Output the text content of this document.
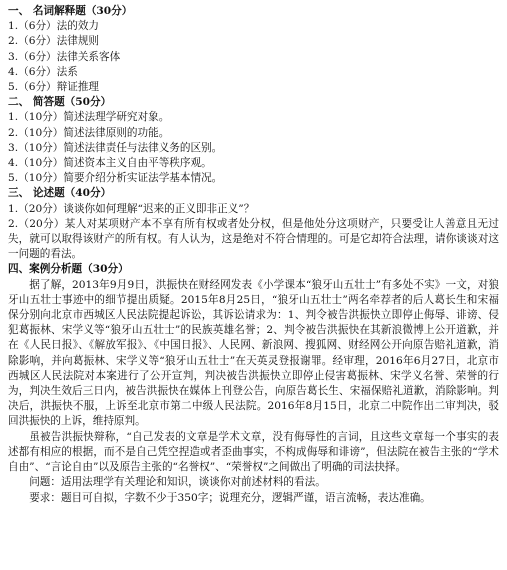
一、 名词解释题（30分）
1.（6分）法的效力
2.（6分）法律规则
3.（6分）法律关系客体
4.（6分）法系
5.（6分）辩证推理
二、 简答题（50分）
1.（10分）简述法理学研究对象。
2.（10分）简述法律原则的功能。
3.（10分）简述法律责任与法律义务的区别。
4.（10分）简述资本主义自由平等秩序观。
5.（10分）简要介绍分析实证法学基本情况。
三、 论述题（40分）
1.（20分）谈谈你如何理解“迟来的正义即非正义”？

2.（20分）某人对某项财产本不享有所有权或者处分权，但是他处分这项财产，只要受让人善意且无过失，就可以取得该财产的所有权。有人认为，这是绝对不符合情理的。可是它却符合法理，请你谈谈对这一问题的看法。

四、案例分析题（30分）

据了解，2013年9月9日，洪振快在财经网发表《小学课本“狼牙山五壮士”有多处不实》一文，对狼牙山五壮士事迹中的细节提出质疑。2015年8月25日，“狼牙山五壮士”两名牵荐者的后人葛长生和宋福保分别向北京市西城区人民法院提起诉讼，其诉讼请求为：1、判令被告洪振快立即停止侮辱、诽谤、侵犯葛振林、宋学义等“狼牙山五壮士”的民族英雄名誉；2、判令被告洪振快在其新浪微博上公开道歉，并在《人民日报》、《解放军报》、《中国日报》、人民网、新浪网、搜狐网、财经网公开向原告赔礼道歉，消除影响，并向葛振林、宋学义等“狼牙山五壮士”在天英灵登报谢罪。经审理，2016年6月27日，北京市西城区人民法院对本案进行了公开宣判，判决被告洪振快立即停止侵害葛振林、宋学义名誉、荣誉的行为，判决生效后三日内，被告洪振快在媒体上刊登公告，向原告葛长生、宋福保赔礼道歉，消除影响。判决后，洪振快不服，上诉至北京市第二中级人民法院。2016年8月15日，北京二中院作出二审判决，驳回洪振快的上诉，维持原判。

虽被告洪振快辩称，“自己发表的文章是学术文章，没有侮辱性的言词，且这些文章每一个事实的表述都有相应的根据，而不是自己凭空捏造或者歪曲事实，不构成侮辱和诽谤”，但法院在被告主张的“学术自由”、“言论自由”以及原告主张的“名誉权”、“荣誉权”之间做出了明确的司法抉择。

问题：适用法理学有关理论和知识，谈谈你对前述材料的看法。
要求：题目可自拟，字数不少于350字；说理充分，逻辑严谨，语言流畅，表达准确。
